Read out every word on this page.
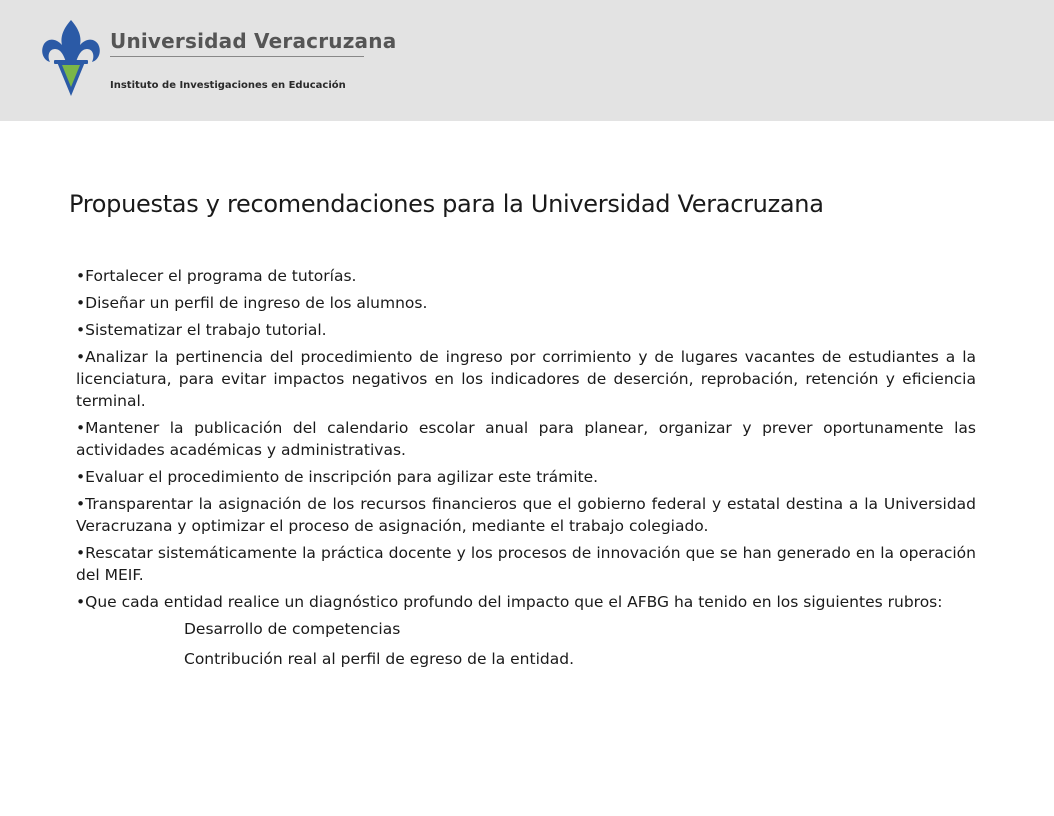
Universidad Veracruzana
Instituto de Investigaciones en Educación
Propuestas y recomendaciones para la Universidad Veracruzana
•Fortalecer el programa de tutorías.
•Diseñar un perfil de ingreso de los alumnos.
•Sistematizar el trabajo tutorial.
•Analizar la pertinencia del procedimiento de ingreso por corrimiento y de lugares vacantes de estudiantes a la licenciatura, para evitar impactos negativos en los indicadores de deserción, reprobación, retención y eficiencia terminal.
•Mantener la publicación del calendario escolar anual para planear, organizar y prever oportunamente las actividades académicas y administrativas.
•Evaluar el procedimiento de inscripción para agilizar este trámite.
•Transparentar la asignación de los recursos financieros que el gobierno federal y estatal destina a la Universidad Veracruzana y optimizar el proceso de asignación, mediante el trabajo colegiado.
•Rescatar sistemáticamente la práctica docente y los procesos de innovación que se han generado en la operación del MEIF.
•Que cada entidad realice un diagnóstico profundo del impacto que el AFBG ha tenido en los siguientes rubros:
Desarrollo de competencias
Contribución real al perfil de egreso de la entidad.
